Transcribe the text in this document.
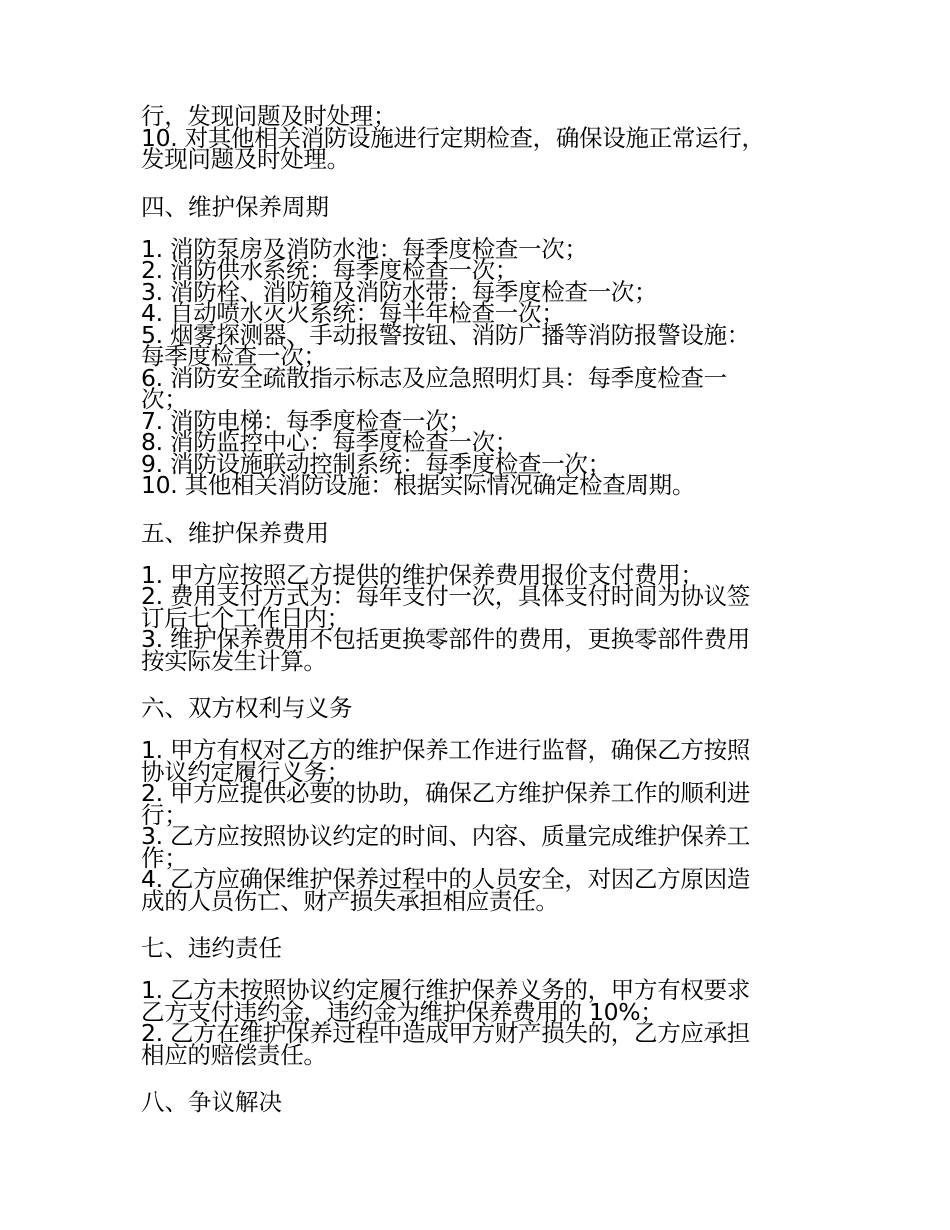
行，发现问题及时处理；
10. 对其他相关消防设施进行定期检查，确保设施正常运行，
发现问题及时处理。
四、维护保养周期
1. 消防泵房及消防水池：每季度检查一次；
2. 消防供水系统：每季度检查一次；
3. 消防栓、消防箱及消防水带：每季度检查一次；
4. 自动喷水灭火系统：每半年检查一次；
5. 烟雾探测器、手动报警按钮、消防广播等消防报警设施：
每季度检查一次；
6. 消防安全疏散指示标志及应急照明灯具：每季度检查一
次；
7. 消防电梯：每季度检查一次；
8. 消防监控中心：每季度检查一次；
9. 消防设施联动控制系统：每季度检查一次；
10. 其他相关消防设施：根据实际情况确定检查周期。
五、维护保养费用
1. 甲方应按照乙方提供的维护保养费用报价支付费用；
2. 费用支付方式为：每年支付一次，具体支付时间为协议签
订后七个工作日内；
3. 维护保养费用不包括更换零部件的费用，更换零部件费用
按实际发生计算。
六、双方权利与义务
1. 甲方有权对乙方的维护保养工作进行监督，确保乙方按照
协议约定履行义务；
2. 甲方应提供必要的协助，确保乙方维护保养工作的顺利进
行；
3. 乙方应按照协议约定的时间、内容、质量完成维护保养工
作；
4. 乙方应确保维护保养过程中的人员安全，对因乙方原因造
成的人员伤亡、财产损失承担相应责任。
七、违约责任
1. 乙方未按照协议约定履行维护保养义务的，甲方有权要求
乙方支付违约金，违约金为维护保养费用的 10%；
2. 乙方在维护保养过程中造成甲方财产损失的，乙方应承担
相应的赔偿责任。
八、争议解决
